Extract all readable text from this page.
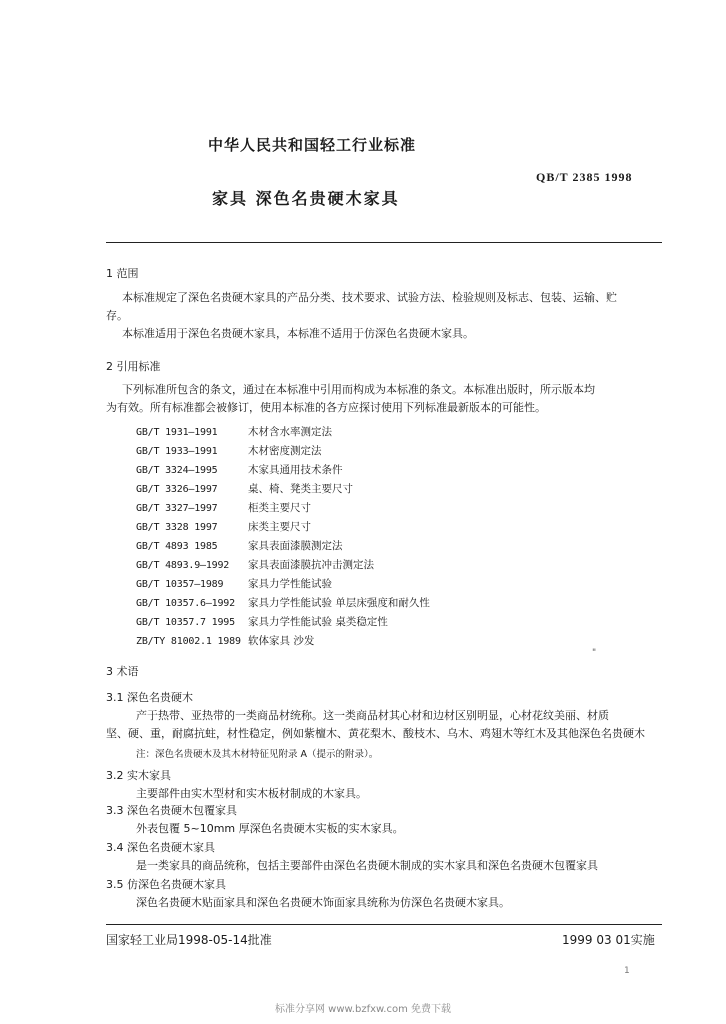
中华人民共和国轻工行业标准
QB/T 2385 1998
家具 深色名贵硬木家具
1 范围
本标准规定了深色名贵硬木家具的产品分类、技术要求、试验方法、检验规则及标志、包装、运输、贮
存。
本标准适用于深色名贵硬木家具，本标准不适用于仿深色名贵硬木家具。
2 引用标准
下列标准所包含的条文，通过在本标准中引用而构成为本标准的条文。本标准出版时，所示版本均
为有效。所有标准都会被修订，使用本标准的各方应探讨使用下列标准最新版本的可能性。
GB/T 1931—1991	木材含水率测定法
GB/T 1933—1991	木材密度测定法
GB/T 3324—1995	木家具通用技术条件
GB/T 3326—1997	桌、椅、凳类主要尺寸
GB/T 3327—1997	柜类主要尺寸
GB/T 3328 1997	床类主要尺寸
GB/T 4893 1985	家具表面漆膜测定法
GB/T 4893.9—1992 家具表面漆膜抗冲击测定法
GB/T 10357—1989 家具力学性能试验
GB/T 10357.6—1992 家具力学性能试验 单层床强度和耐久性
GB/T 10357.7 1995 家具力学性能试验 桌类稳定性
ZB/TY 81002.1 1989 软体家具 沙发
"
3 术语
3.1 深色名贵硬木
产于热带、亚热带的一类商品材统称。这一类商品材其心材和边材区别明显，心材花纹美丽、材质
坚、硬、重，耐腐抗蛀，材性稳定，例如紫檀木、黄花梨木、酸枝木、乌木、鸡翅木等红木及其他深色名贵硬木
注：深色名贵硬木及其木材特征见附录 A（提示的附录）。
3.2 实木家具
主要部件由实木型材和实木板材制成的木家具。
3.3 深色名贵硬木包覆家具
外表包覆 5~10mm 厚深色名贵硬木实板的实木家具。
3.4 深色名贵硬木家具
是一类家具的商品统称，包括主要部件由深色名贵硬木制成的实木家具和深色名贵硬木包覆家具
3.5 仿深色名贵硬木家具
深色名贵硬木贴面家具和深色名贵硬木饰面家具统称为仿深色名贵硬木家具。
国家轻工业局1998-05-14批准	1999 03 01实施
1
标准分享网 www.bzfxw.com 免费下载
